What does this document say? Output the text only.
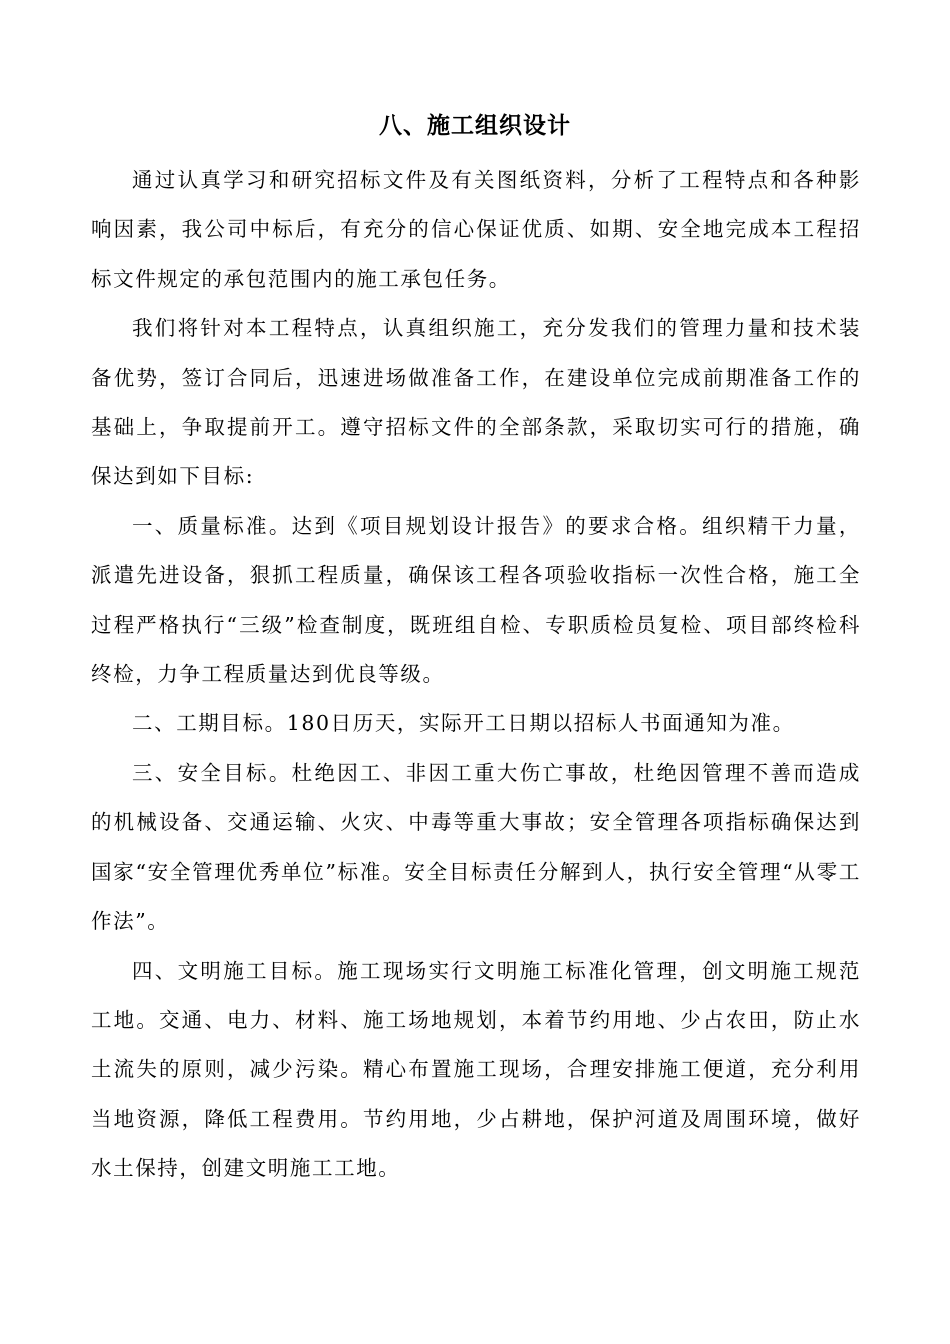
八、施工组织设计

通过认真学习和研究招标文件及有关图纸资料，分析了工程特点和各种影响因素，我公司中标后，有充分的信心保证优质、如期、安全地完成本工程招标文件规定的承包范围内的施工承包任务。

我们将针对本工程特点，认真组织施工，充分发我们的管理力量和技术装备优势，签订合同后，迅速进场做准备工作，在建设单位完成前期准备工作的基础上，争取提前开工。遵守招标文件的全部条款，采取切实可行的措施，确保达到如下目标:

一、质量标准。达到《项目规划设计报告》的要求合格。组织精干力量，派遣先进设备，狠抓工程质量，确保该工程各项验收指标一次性合格，施工全过程严格执行“三级”检查制度，既班组自检、专职质检员复检、项目部终检科终检，力争工程质量达到优良等级。

二、工期目标。180日历天，实际开工日期以招标人书面通知为准。

三、安全目标。杜绝因工、非因工重大伤亡事故，杜绝因管理不善而造成的机械设备、交通运输、火灾、中毒等重大事故；安全管理各项指标确保达到国家“安全管理优秀单位”标准。安全目标责任分解到人，执行安全管理“从零工作法”。

四、文明施工目标。施工现场实行文明施工标准化管理，创文明施工规范工地。交通、电力、材料、施工场地规划，本着节约用地、少占农田，防止水土流失的原则，减少污染。精心布置施工现场，合理安排施工便道，充分利用当地资源，降低工程费用。节约用地，少占耕地，保护河道及周围环境，做好水土保持，创建文明施工工地。
